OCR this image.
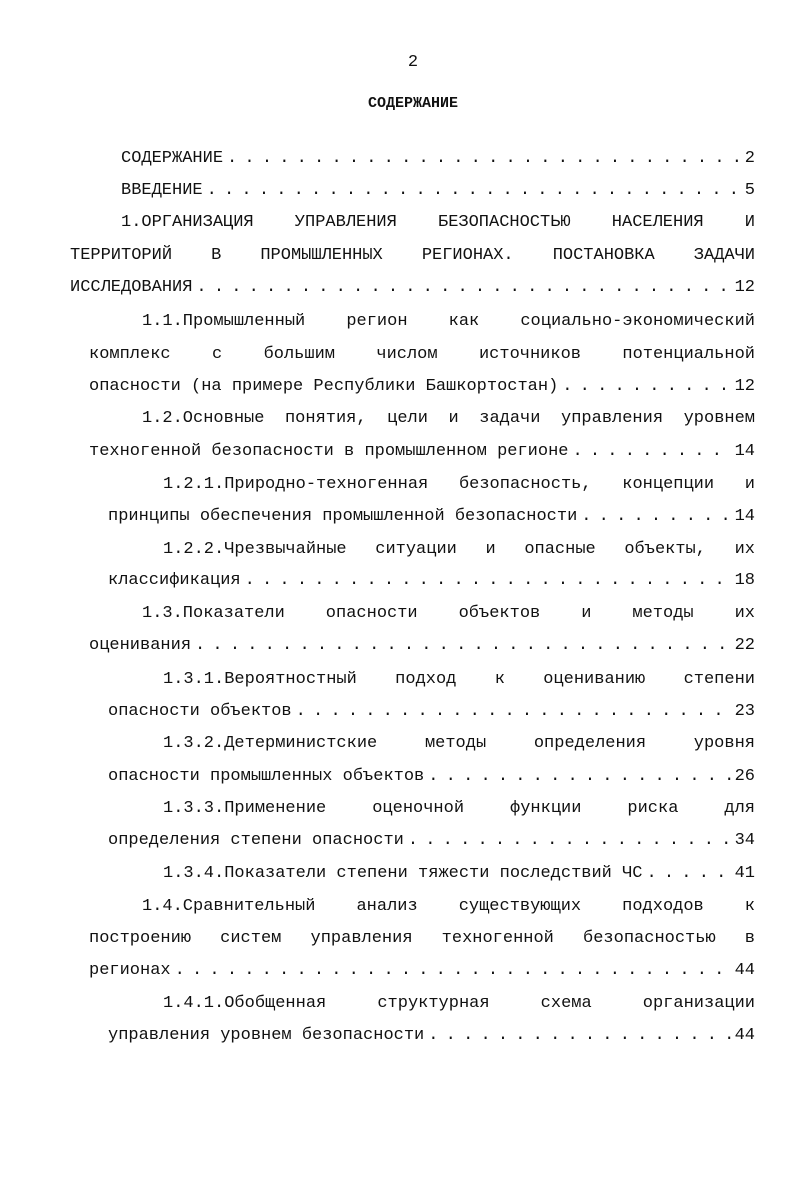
2
СОДЕРЖАНИЕ
СОДЕРЖАНИЕ . . .	2
ВВЕДЕНИЕ . . .	5
1.ОРГАНИЗАЦИЯ УПРАВЛЕНИЯ БЕЗОПАСНОСТЬЮ НАСЕЛЕНИЯ И
ТЕРРИТОРИЙ В ПРОМЫШЛЕННЫХ РЕГИОНАХ. ПОСТАНОВКА ЗАДАЧИ
ИССЛЕДОВАНИЯ . . .	12
1.1.Промышленный регион как социально-экономический
комплекс с большим числом источников потенциальной
опасности (на примере Республики Башкортостан) . . .	12
1.2.Основные понятия, цели и задачи управления уровнем
техногенной безопасности в промышленном регионе . . .	14
1.2.1.Природно-техногенная безопасность, концепции и
принципы обеспечения промышленной безопасности . . .	14
1.2.2.Чрезвычайные ситуации и опасные объекты, их
классификация . . .	18
1.3.Показатели опасности объектов и методы их
оценивания . . .	22
1.3.1.Вероятностный подход к оцениванию степени
опасности объектов . . .	23
1.3.2.Детерминистские методы определения уровня
опасности промышленных объектов . . .	26
1.3.3.Применение оценочной функции риска для
определения степени опасности . . .	34
1.3.4.Показатели степени тяжести последствий ЧС . . .	41
1.4.Сравнительный анализ существующих подходов к
построению систем управления техногенной безопасностью в
регионах . . .	44
1.4.1.Обобщенная структурная схема организации
управления уровнем безопасности . . .	44
